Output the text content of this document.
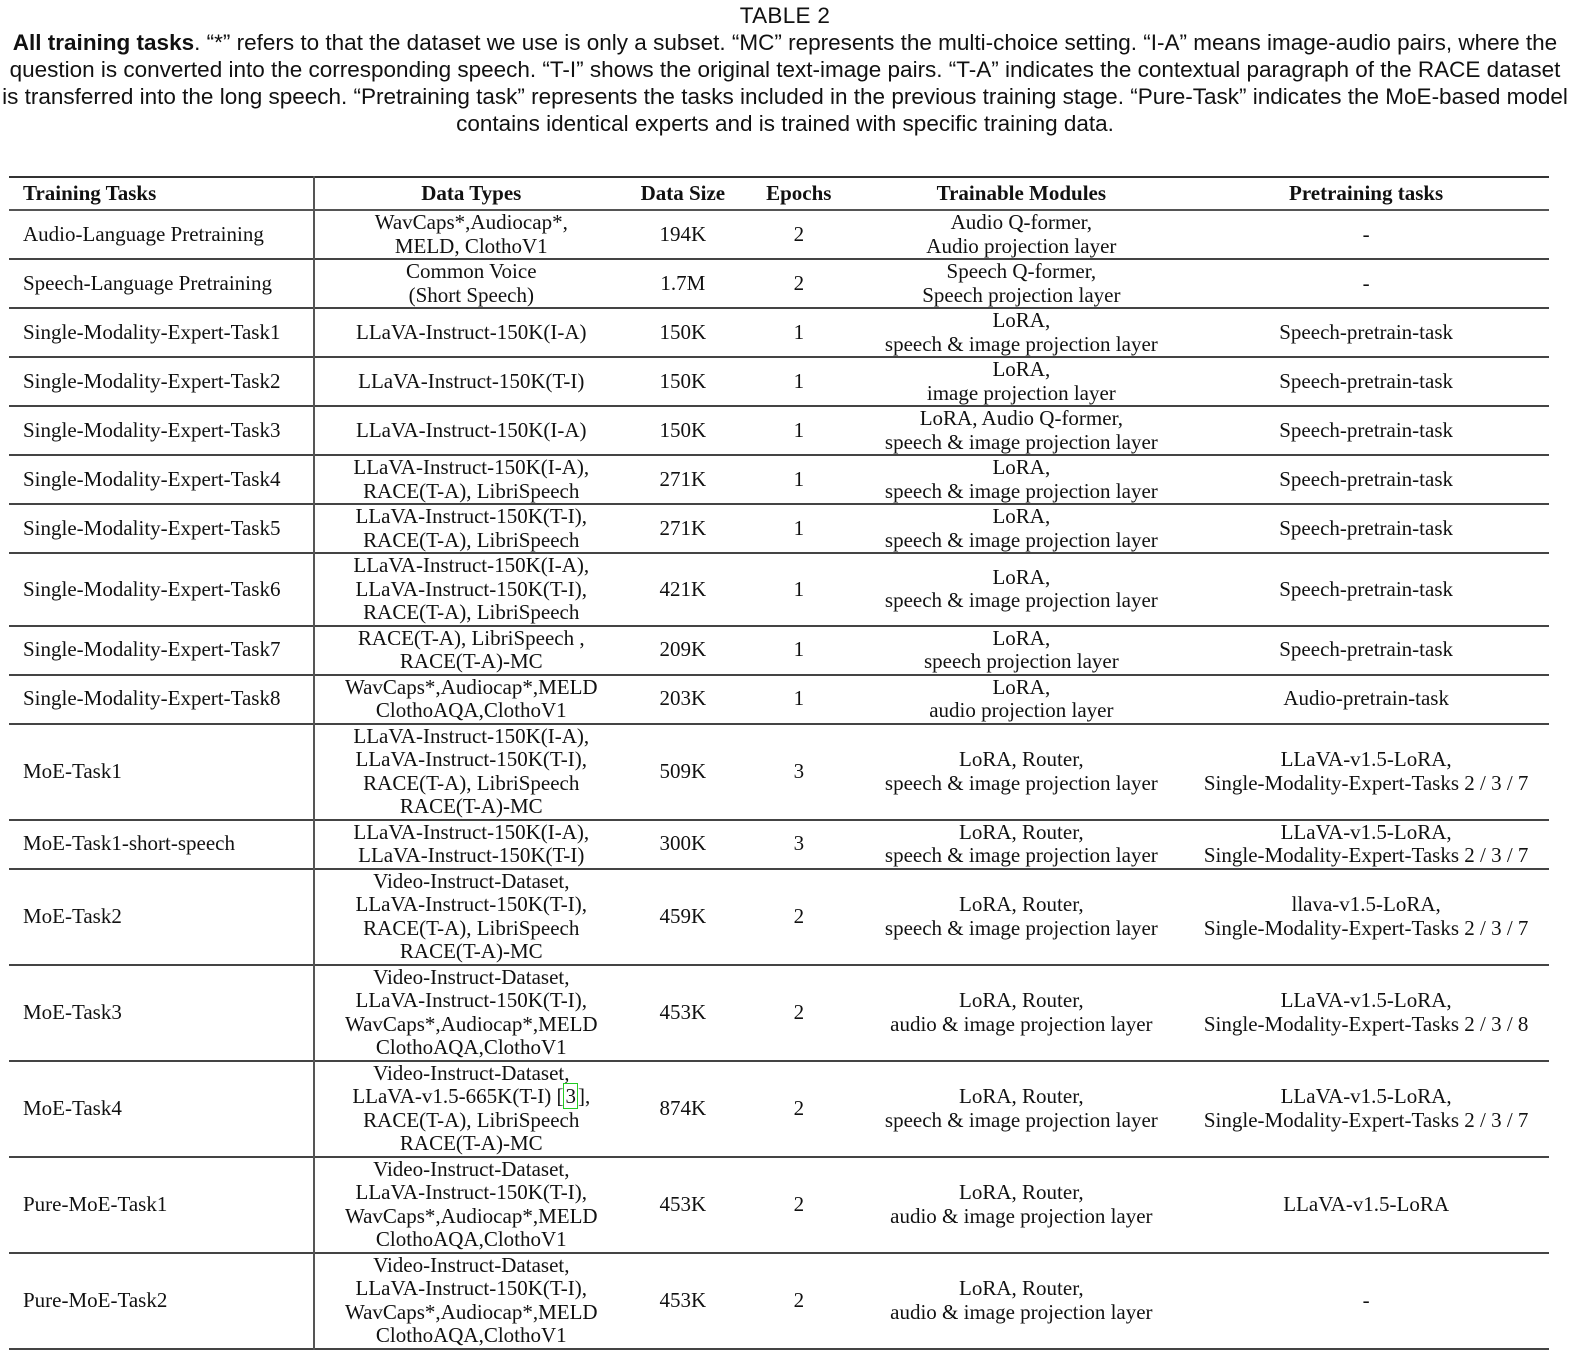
TABLE 2
All training tasks. “*” refers to that the dataset we use is only a subset. “MC” represents the multi-choice setting. “I-A” means image-audio pairs, where the question is converted into the corresponding speech. “T-I” shows the original text-image pairs. “T-A” indicates the contextual paragraph of the RACE dataset is transferred into the long speech. “Pretraining task” represents the tasks included in the previous training stage. “Pure-Task” indicates the MoE-based model contains identical experts and is trained with specific training data.
Training Tasks	Data Types	Data Size	Epochs	Trainable Modules	Pretraining tasks
Audio-Language Pretraining	WavCaps*,Audiocap*,
MELD, ClothoV1	194K	2	Audio Q-former,
Audio projection layer	-

Speech-Language Pretraining	Common Voice
(Short Speech)	1.7M	2	Speech Q-former,
Speech projection layer	-

Single-Modality-Expert-Task1	LLaVA-Instruct-150K(I-A)	150K	1	LoRA,
speech & image projection layer	Speech-pretrain-task

Single-Modality-Expert-Task2	LLaVA-Instruct-150K(T-I)	150K	1	LoRA,
image projection layer	Speech-pretrain-task

Single-Modality-Expert-Task3	LLaVA-Instruct-150K(I-A)	150K	1	LoRA, Audio Q-former,
speech & image projection layer	Speech-pretrain-task

Single-Modality-Expert-Task4	LLaVA-Instruct-150K(I-A),
RACE(T-A), LibriSpeech	271K	1	LoRA,
speech & image projection layer	Speech-pretrain-task

Single-Modality-Expert-Task5	LLaVA-Instruct-150K(T-I),
RACE(T-A), LibriSpeech	271K	1	LoRA,
speech & image projection layer	Speech-pretrain-task

Single-Modality-Expert-Task6	LLaVA-Instruct-150K(I-A),
LLaVA-Instruct-150K(T-I),
RACE(T-A), LibriSpeech	421K	1	LoRA,
speech & image projection layer	Speech-pretrain-task

Single-Modality-Expert-Task7	RACE(T-A), LibriSpeech ,
RACE(T-A)-MC	209K	1	LoRA,
speech projection layer	Speech-pretrain-task

Single-Modality-Expert-Task8	WavCaps*,Audiocap*,MELD
ClothoAQA,ClothoV1	203K	1	LoRA,
audio projection layer	Audio-pretrain-task

MoE-Task1	LLaVA-Instruct-150K(I-A),
LLaVA-Instruct-150K(T-I),
RACE(T-A), LibriSpeech
RACE(T-A)-MC	509K	3	LoRA, Router,
speech & image projection layer	LLaVA-v1.5-LoRA,
Single-Modality-Expert-Tasks 2 / 3 / 7

MoE-Task1-short-speech	LLaVA-Instruct-150K(I-A),
LLaVA-Instruct-150K(T-I)	300K	3	LoRA, Router,
speech & image projection layer	LLaVA-v1.5-LoRA,
Single-Modality-Expert-Tasks 2 / 3 / 7

MoE-Task2	Video-Instruct-Dataset,
LLaVA-Instruct-150K(T-I),
RACE(T-A), LibriSpeech
RACE(T-A)-MC	459K	2	LoRA, Router,
speech & image projection layer	llava-v1.5-LoRA,
Single-Modality-Expert-Tasks 2 / 3 / 7

MoE-Task3	Video-Instruct-Dataset,
LLaVA-Instruct-150K(T-I),
WavCaps*,Audiocap*,MELD
ClothoAQA,ClothoV1	453K	2	LoRA, Router,
audio & image projection layer	LLaVA-v1.5-LoRA,
Single-Modality-Expert-Tasks 2 / 3 / 8

MoE-Task4	Video-Instruct-Dataset,
LLaVA-v1.5-665K(T-I) [3],
RACE(T-A), LibriSpeech
RACE(T-A)-MC	874K	2	LoRA, Router,
speech & image projection layer	LLaVA-v1.5-LoRA,
Single-Modality-Expert-Tasks 2 / 3 / 7

Pure-MoE-Task1	Video-Instruct-Dataset,
LLaVA-Instruct-150K(T-I),
WavCaps*,Audiocap*,MELD
ClothoAQA,ClothoV1	453K	2	LoRA, Router,
audio & image projection layer	LLaVA-v1.5-LoRA

Pure-MoE-Task2	Video-Instruct-Dataset,
LLaVA-Instruct-150K(T-I),
WavCaps*,Audiocap*,MELD
ClothoAQA,ClothoV1	453K	2	LoRA, Router,
audio & image projection layer	-
